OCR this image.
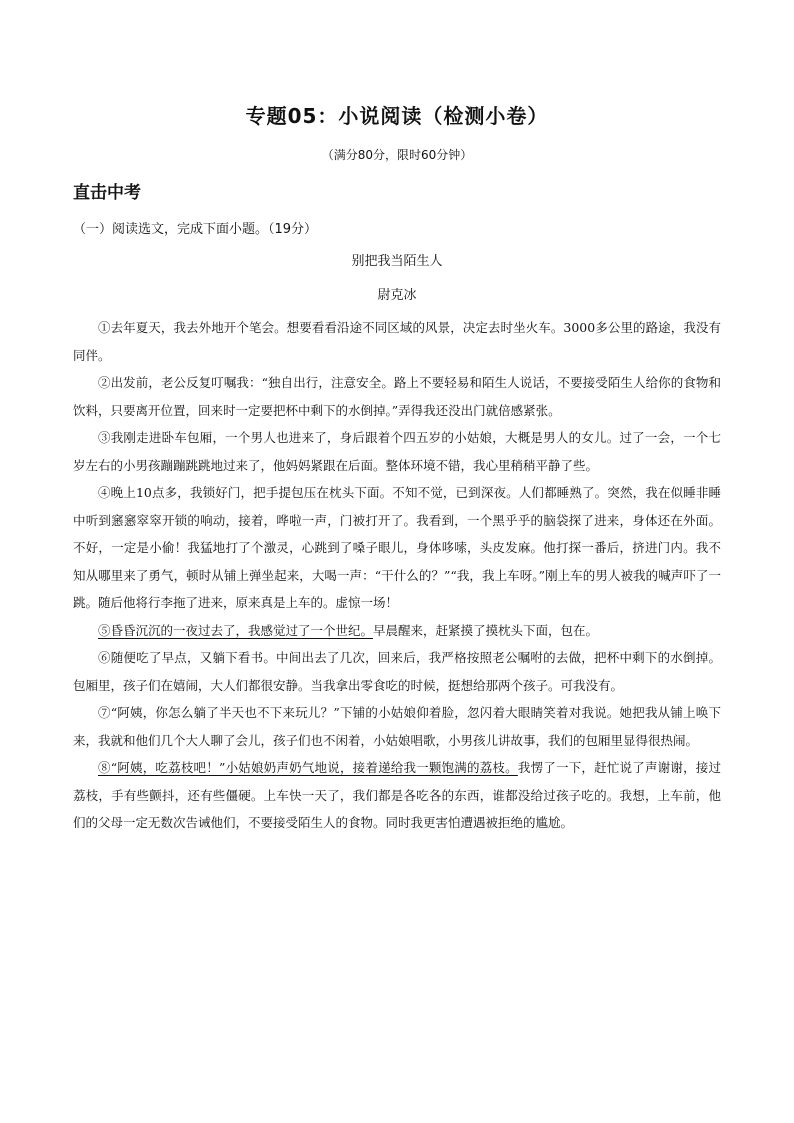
专题05：小说阅读（检测小卷）
（满分80分，限时60分钟）
直击中考
（一）阅读选文，完成下面小题。（19分）
别把我当陌生人
尉克冰

①去年夏天，我去外地开个笔会。想要看看沿途不同区域的风景，决定去时坐火车。3000多公里的路途，我没有同伴。

②出发前，老公反复叮嘱我：“独自出行，注意安全。路上不要轻易和陌生人说话，不要接受陌生人给你的食物和饮料，只要离开位置，回来时一定要把杯中剩下的水倒掉。”弄得我还没出门就倍感紧张。

③我刚走进卧车包厢，一个男人也进来了，身后跟着个四五岁的小姑娘，大概是男人的女儿。过了一会，一个七岁左右的小男孩蹦蹦跳跳地过来了，他妈妈紧跟在后面。整体环境不错，我心里稍稍平静了些。

④晚上10点多，我锁好门，把手提包压在枕头下面。不知不觉，已到深夜。人们都睡熟了。突然，我在似睡非睡中听到窸窸窣窣开锁的响动，接着，哗啦一声，门被打开了。我看到，一个黑乎乎的脑袋探了进来，身体还在外面。不好，一定是小偷！我猛地打了个激灵，心跳到了嗓子眼儿，身体哆嗦，头皮发麻。他打探一番后，挤进门内。我不知从哪里来了勇气，顿时从铺上弹坐起来，大喝一声：“干什么的？”“我，我上车呀。”刚上车的男人被我的喊声吓了一跳。随后他将行李拖了进来，原来真是上车的。虚惊一场！

⑤昏昏沉沉的一夜过去了，我感觉过了一个世纪。早晨醒来，赶紧摸了摸枕头下面，包在。

⑥随便吃了早点，又躺下看书。中间出去了几次，回来后，我严格按照老公嘱咐的去做，把杯中剩下的水倒掉。包厢里，孩子们在嬉闹，大人们都很安静。当我拿出零食吃的时候，挺想给那两个孩子。可我没有。

⑦“阿姨，你怎么躺了半天也不下来玩儿？”下铺的小姑娘仰着脸，忽闪着大眼睛笑着对我说。她把我从铺上唤下来，我就和他们几个大人聊了会儿，孩子们也不闲着，小姑娘唱歌，小男孩儿讲故事，我们的包厢里显得很热闹。

⑧“阿姨，吃荔枝吧！”小姑娘奶声奶气地说，接着递给我一颗饱满的荔枝。我愣了一下，赶忙说了声谢谢，接过荔枝，手有些颤抖，还有些僵硬。上车快一天了，我们都是各吃各的东西，谁都没给过孩子吃的。我想，上车前，他们的父母一定无数次告诫他们，不要接受陌生人的食物。同时我更害怕遭遇被拒绝的尴尬。
